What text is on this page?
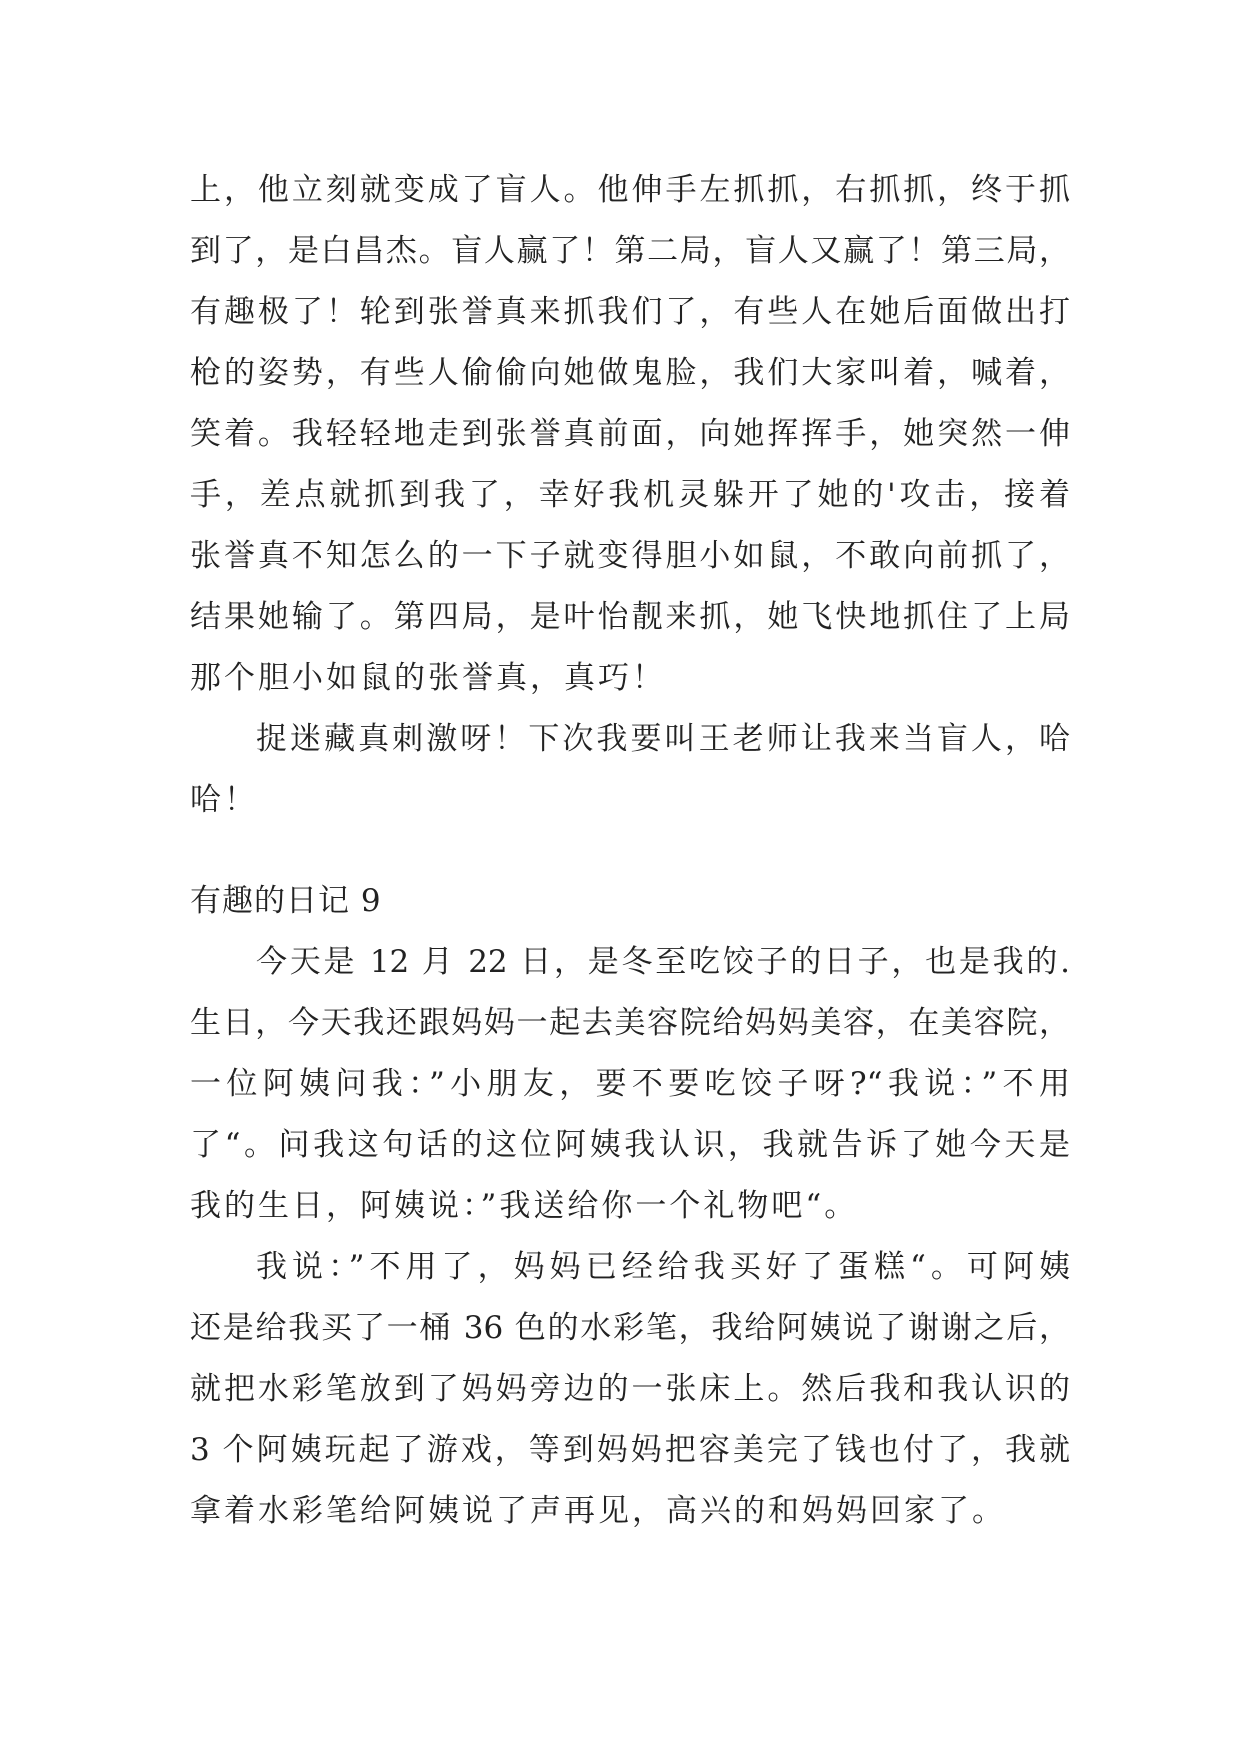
上，他立刻就变成了盲人。他伸手左抓抓，右抓抓，终于抓
到了，是白昌杰。盲人赢了！第二局，盲人又赢了！第三局，
有趣极了！轮到张誉真来抓我们了，有些人在她后面做出打
枪的姿势，有些人偷偷向她做鬼脸，我们大家叫着，喊着，
笑着。我轻轻地走到张誉真前面，向她挥挥手，她突然一伸
手，差点就抓到我了，幸好我机灵躲开了她的'攻击，接着
张誉真不知怎么的一下子就变得胆小如鼠，不敢向前抓了，
结果她输了。第四局，是叶怡靓来抓，她飞快地抓住了上局
那个胆小如鼠的张誉真，真巧！
捉迷藏真刺激呀！下次我要叫王老师让我来当盲人，哈
哈！
有趣的日记 9
今天是 12 月 22 日，是冬至吃饺子的日子，也是我的.
生日，今天我还跟妈妈一起去美容院给妈妈美容，在美容院，
一位阿姨问我：”小朋友，要不要吃饺子呀?“我说：”不用
了“。问我这句话的这位阿姨我认识，我就告诉了她今天是
我的生日，阿姨说：”我送给你一个礼物吧“。
我说：”不用了，妈妈已经给我买好了蛋糕“。可阿姨
还是给我买了一桶 36 色的水彩笔，我给阿姨说了谢谢之后，
就把水彩笔放到了妈妈旁边的一张床上。然后我和我认识的
3 个阿姨玩起了游戏，等到妈妈把容美完了钱也付了，我就
拿着水彩笔给阿姨说了声再见，高兴的和妈妈回家了。
